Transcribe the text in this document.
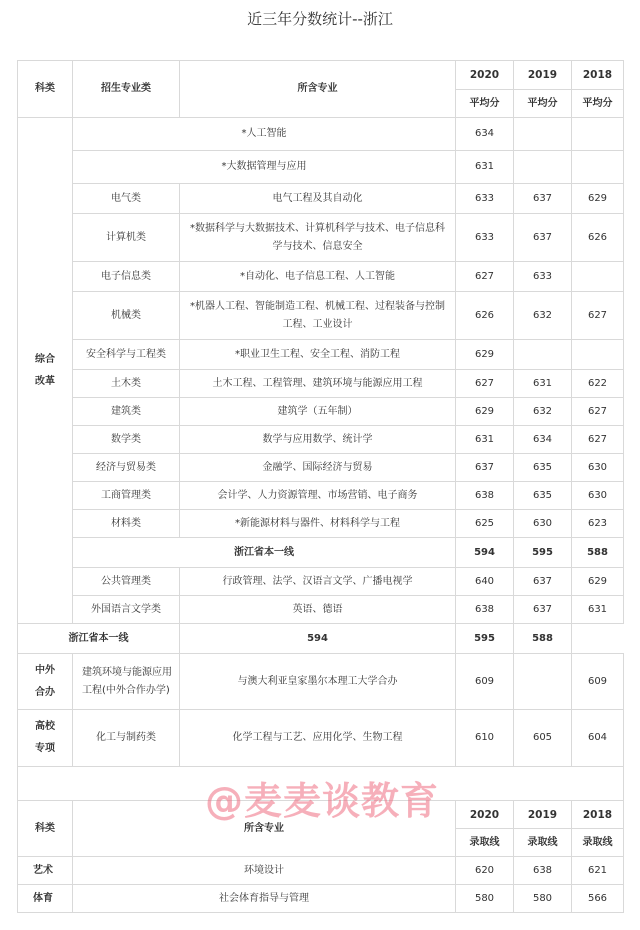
近三年分数统计--浙江
科类	招生专业类	所含专业	2020	2019	2018
			平均分	平均分	平均分
综合改革	*人工智能		634		
	*大数据管理与应用		631		
	电气类	电气工程及其自动化	633	637	629
	计算机类	*数据科学与大数据技术、计算机科学与技术、电子信息科学与技术、信息安全	633	637	626
	电子信息类	*自动化、电子信息工程、人工智能	627	633	
	机械类	*机器人工程、智能制造工程、机械工程、过程装备与控制工程、工业设计	626	632	627
	安全科学与工程类	*职业卫生工程、安全工程、消防工程	629		
	土木类	土木工程、工程管理、建筑环境与能源应用工程	627	631	622
	建筑类	建筑学（五年制）	629	632	627
	数学类	数学与应用数学、统计学	631	634	627
	经济与贸易类	金融学、国际经济与贸易	637	635	630
	工商管理类	会计学、人力资源管理、市场营销、电子商务	638	635	630
	材料类	*新能源材料与器件、材料科学与工程	625	630	623
	浙江省本一线		594	595	588
	公共管理类	行政管理、法学、汉语言文学、广播电视学	640	637	629
	外国语言文学类	英语、德语	638	637	631
浙江省本一线		594	595	588	
中外合办	建筑环境与能源应用工程(中外合作办学)	与澳大利亚皇家墨尔本理工大学合办	609		609
高校专项	化工与制药类	化学工程与工艺、应用化学、生物工程	610	605	604

科类	所含专业		2020	2019	2018
			录取线	录取线	录取线
艺术	环境设计		620	638	621
体育	社会体育指导与管理		580	580	566
@麦麦谈教育
